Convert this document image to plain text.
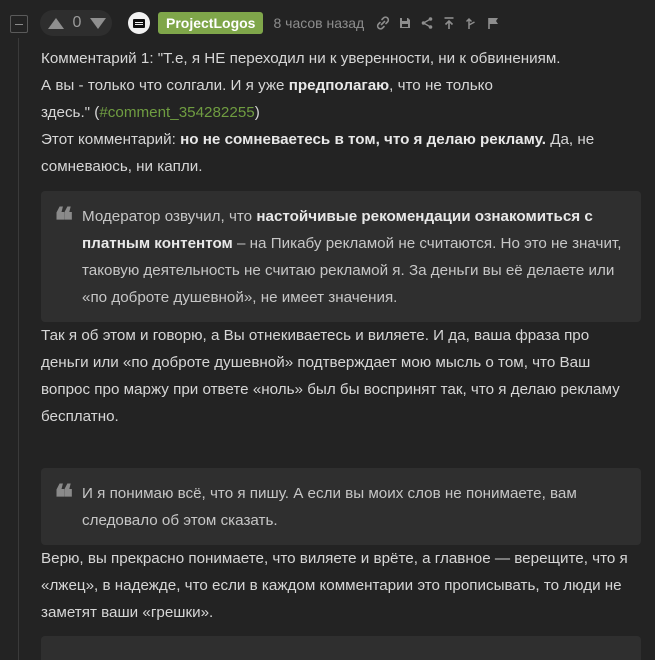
0	ProjectLogos	8 часов назад

Комментарий 1: "Т.е, я НЕ переходил ни к уверенности, ни к обвинениям.
А вы - только что солгали. И я уже предполагаю, что не только
здесь." (#comment_354282255)
Этот комментарий: но не сомневаетесь в том, что я делаю рекламу. Да, не сомневаюсь, ни капли.

❝ Модератор озвучил, что настойчивые рекомендации ознакомиться с платным контентом – на Пикабу рекламой не считаются. Но это не значит, таковую деятельность не считаю рекламой я. За деньги вы её делаете или «по доброте душевной», не имеет значения.

Так я об этом и говорю, а Вы отнекиваетесь и виляете. И да, ваша фраза про деньги или «по доброте душевной» подтверждает мою мысль о том, что Ваш вопрос про маржу при ответе «ноль» был бы воспринят так, что я делаю рекламу бесплатно.

❝ И я понимаю всё, что я пишу. А если вы моих слов не понимаете, вам следовало об этом сказать.

Верю, вы прекрасно понимаете, что виляете и врёте, а главное — верещите, что я «лжец», в надежде, что если в каждом комментарии это прописывать, то люди не заметят ваши «грешки».
